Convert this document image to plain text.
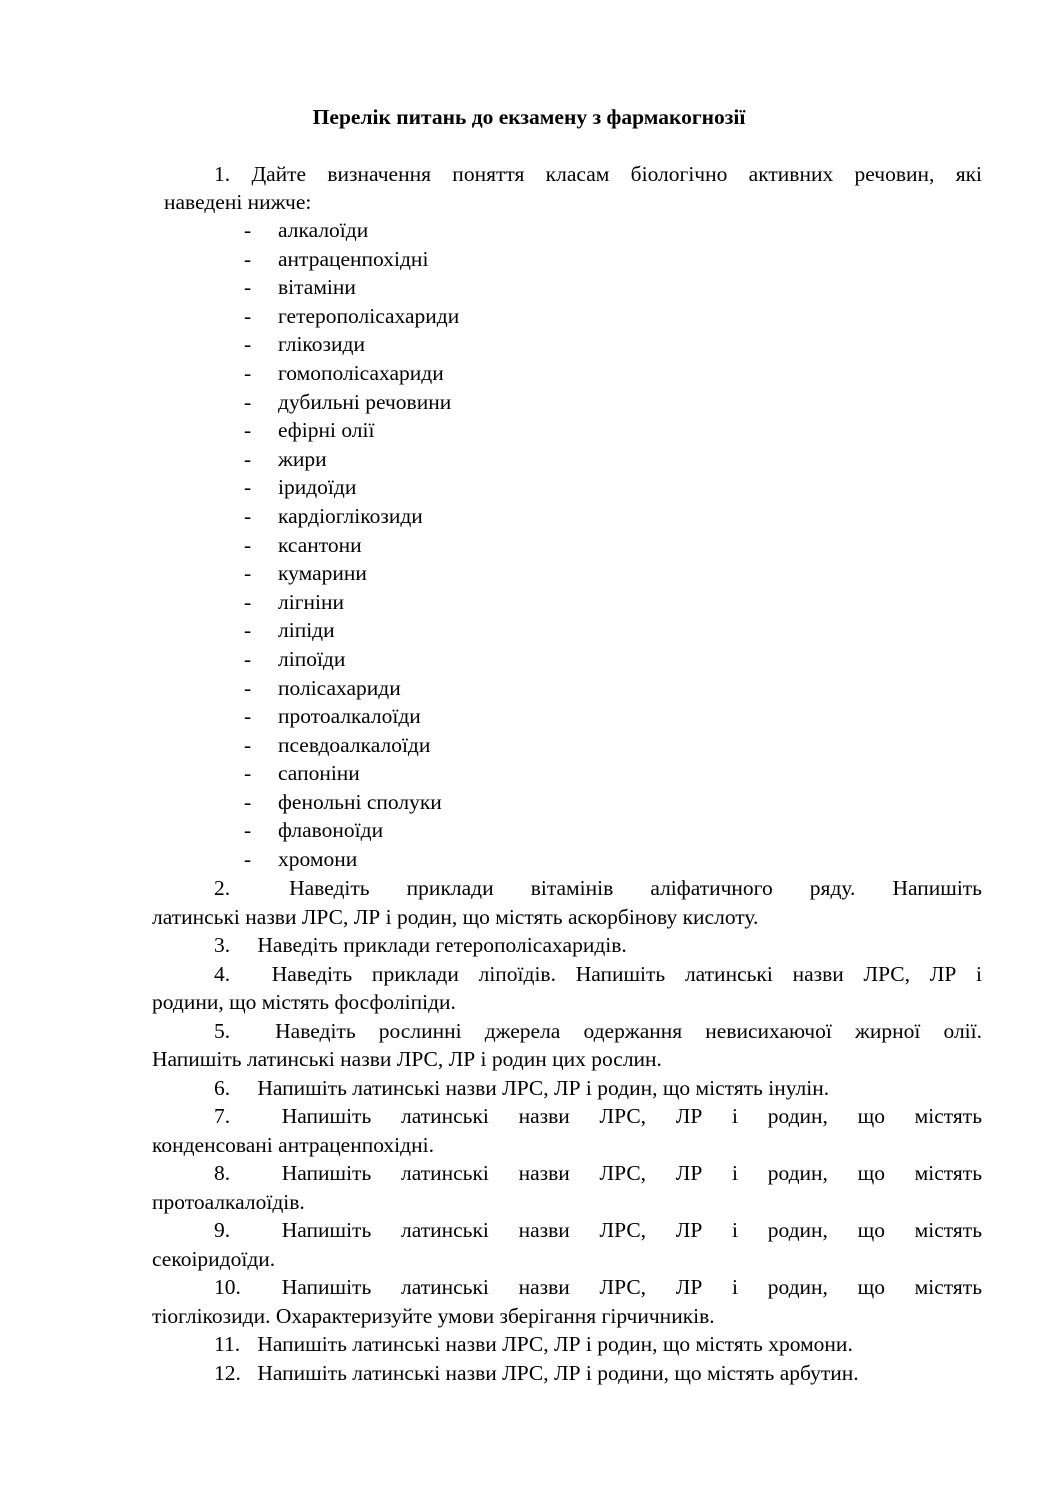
Перелік питань до екзамену з фармакогнозії
1. Дайте визначення поняття класам біологічно активних речовин, які
наведені нижче:
- алкалоїди
- антраценпохідні
- вітаміни
- гетерополісахариди
- глікозиди
- гомополісахариди
- дубильні речовини
- ефірні олії
- жири
- іридоїди
- кардіоглікозиди
- ксантони
- кумарини
- лігніни
- ліпіди
- ліпоїди
- полісахариди
- протоалкалоїди
- псевдоалкалоїди
- сапоніни
- фенольні сполуки
- флавоноїди
- хромони
2.	Наведіть приклади вітамінів аліфатичного ряду. Напишіть
латинські назви ЛРС, ЛР і родин, що містять аскорбінову кислоту.
3. Наведіть приклади гетерополісахаридів.
4. Наведіть приклади ліпоїдів. Напишіть латинські назви ЛРС, ЛР і
родини, що містять фосфоліпіди.
5. Наведіть рослинні джерела одержання невисихаючої жирної олії.
Напишіть латинські назви ЛРС, ЛР і родин цих рослин.
6. Напишіть латинські назви ЛРС, ЛР і родин, що містять інулін.
7. Напишіть латинські назви ЛРС, ЛР і родин, що містять
конденсовані антраценпохідні.
8. Напишіть латинські назви ЛРС, ЛР і родин, що містять
протоалкалоїдів.
9. Напишіть латинські назви ЛРС, ЛР і родин, що містять
секоіридоїди.
10. Напишіть латинські назви ЛРС, ЛР і родин, що містять
тіоглікозиди. Охарактеризуйте умови зберігання гірчичників.
11. Напишіть латинські назви ЛРС, ЛР і родин, що містять хромони.
12. Напишіть латинські назви ЛРС, ЛР і родини, що містять арбутин.
